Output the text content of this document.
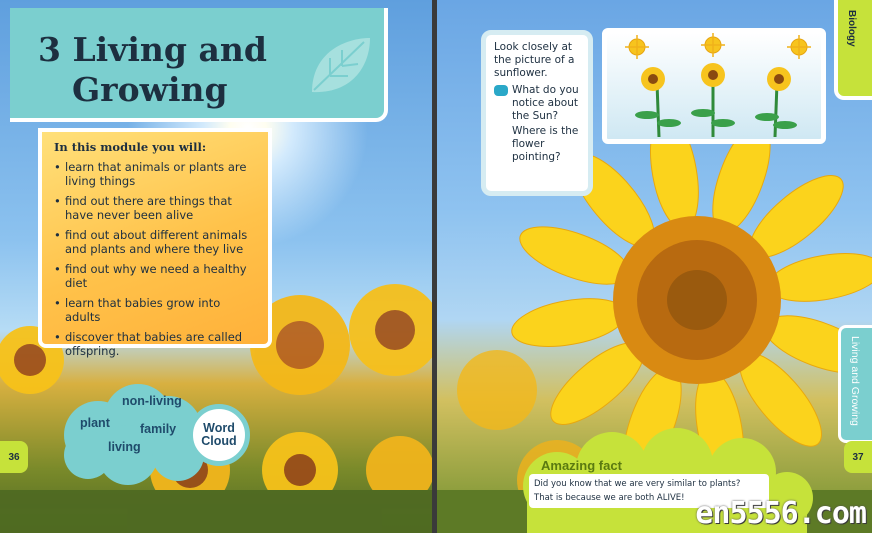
3 Living and
Growing
In this module you will:
• learn that animals or plants are living things
• find out there are things that have never been alive
• find out about different animals and plants and where they live
• find out why we need a healthy diet
• learn that babies grow into adults
• discover that babies are called offspring.
non-living
plant family
living
Word
Cloud
36

Look closely at the picture of a sunflower.

What do you notice about the Sun?

Where is the flower pointing?

Biology
Living and Growing
Amazing fact
Did you know that we are very similar to plants?
That is because we are both ALIVE!
37
en5556.com
